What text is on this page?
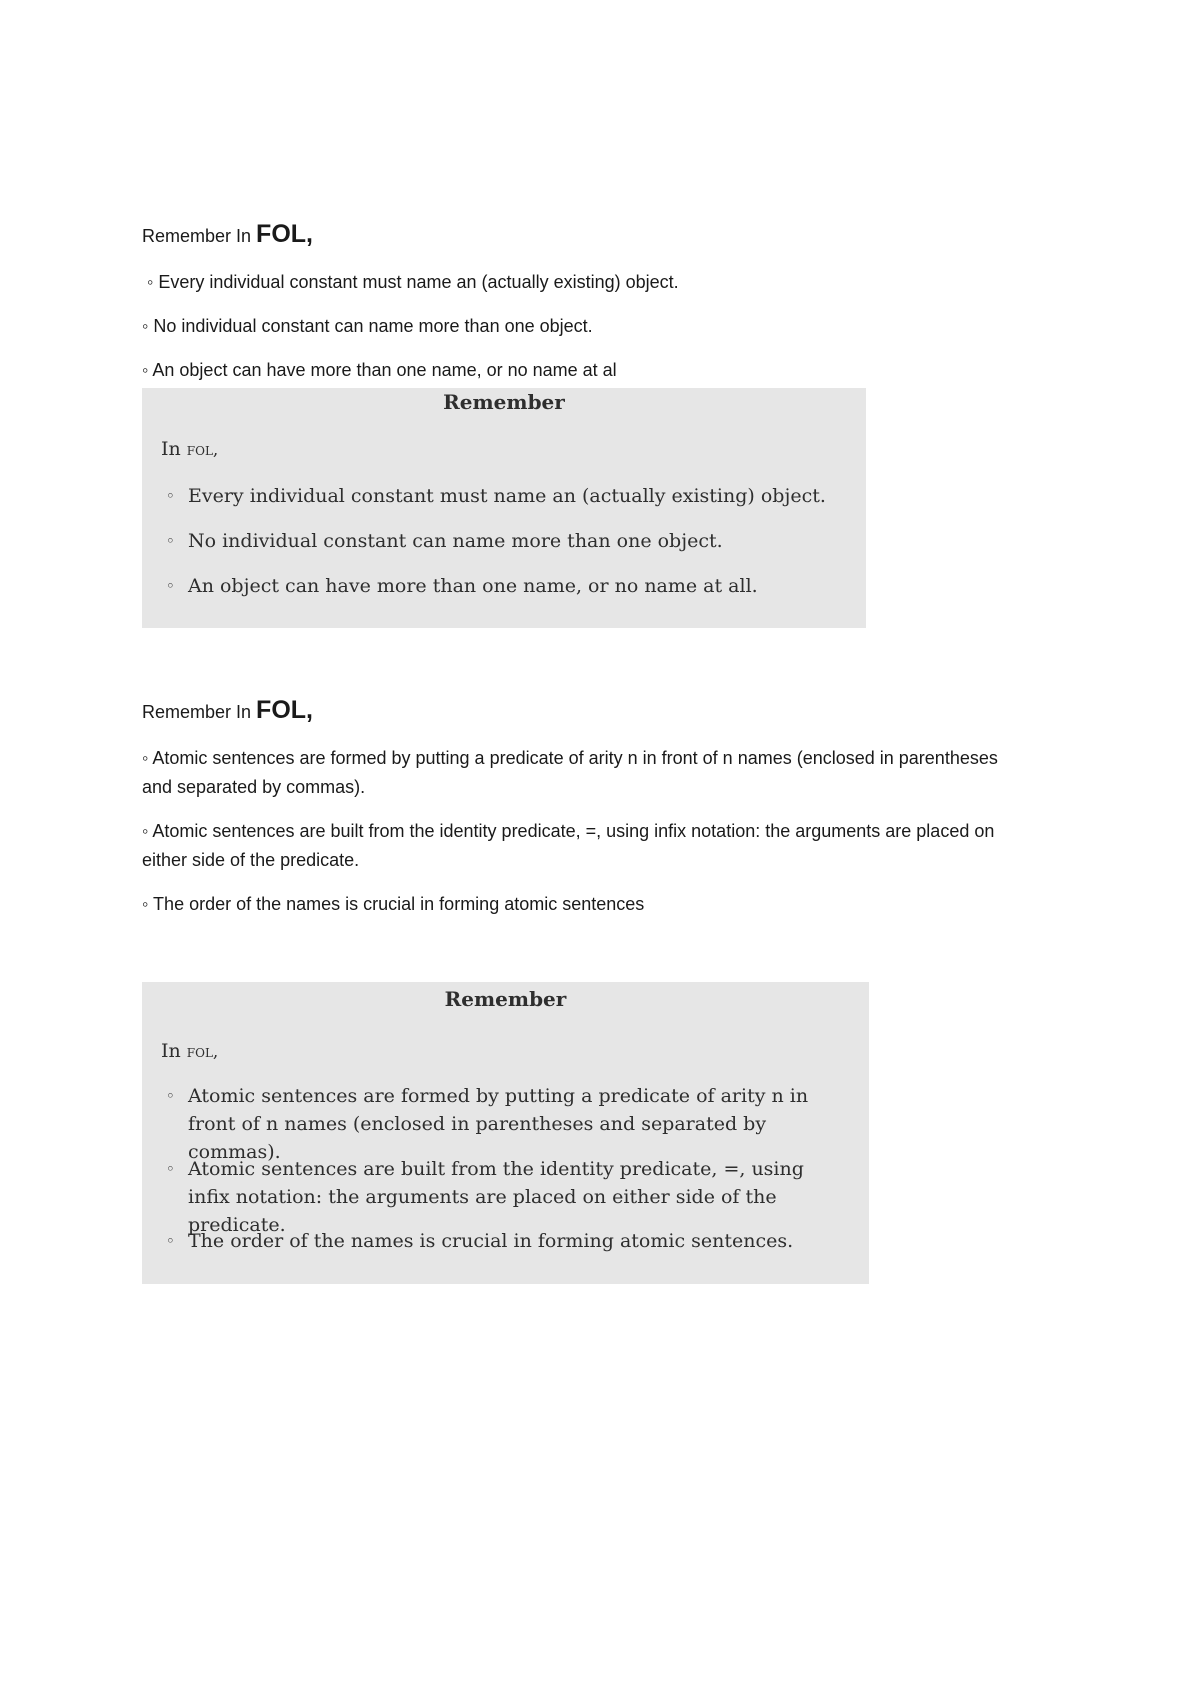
Remember In FOL,

◦ Every individual constant must name an (actually existing) object.

◦ No individual constant can name more than one object.

◦ An object can have more than one name, or no name at al

Remember
In fol,
◦ Every individual constant must name an (actually existing) object.
◦ No individual constant can name more than one object.
◦ An object can have more than one name, or no name at all.
Remember In FOL,

◦ Atomic sentences are formed by putting a predicate of arity n in front of n names (enclosed in parentheses and separated by commas).

◦ Atomic sentences are built from the identity predicate, =, using infix notation: the arguments are placed on either side of the predicate.

◦ The order of the names is crucial in forming atomic sentences

Remember
In fol,
◦ Atomic sentences are formed by putting a predicate of arity n in front of n names (enclosed in parentheses and separated by commas).
◦ Atomic sentences are built from the identity predicate, =, using infix notation: the arguments are placed on either side of the predicate.
◦ The order of the names is crucial in forming atomic sentences.
